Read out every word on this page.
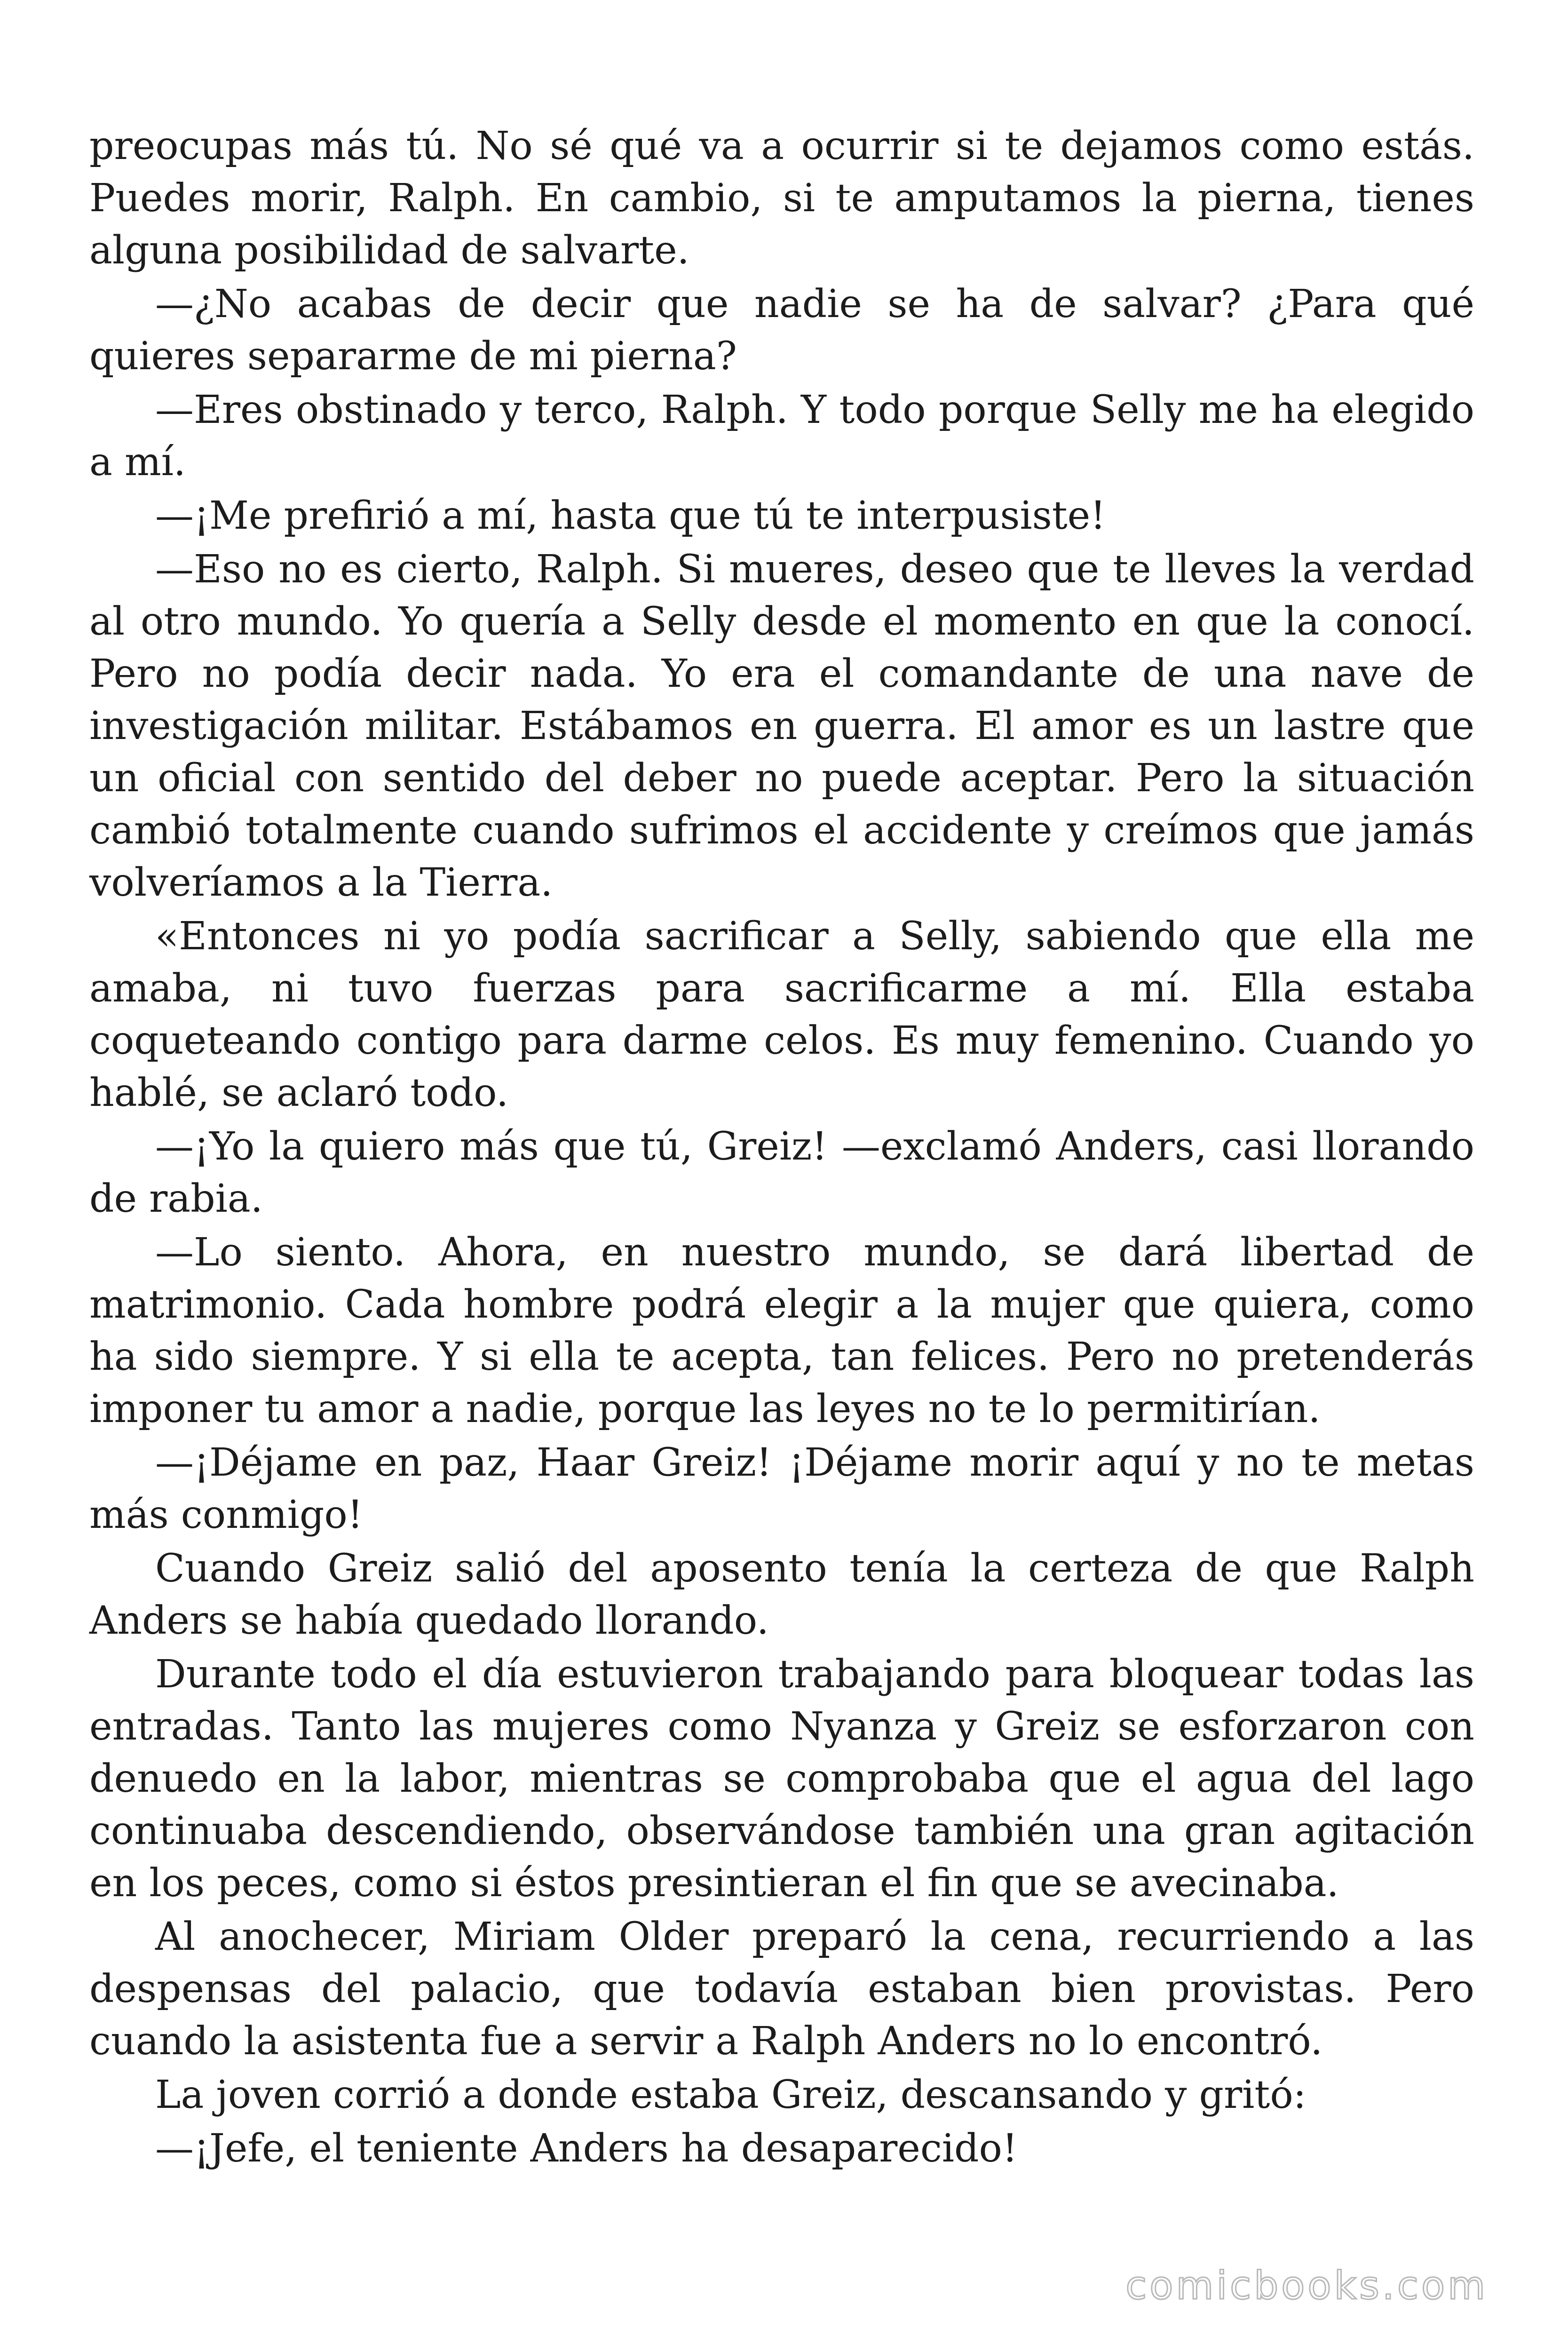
preocupas más tú. No sé qué va a ocurrir si te dejamos como estás. Puedes morir, Ralph. En cambio, si te amputamos la pierna, tienes alguna posibilidad de salvarte.

—¿No acabas de decir que nadie se ha de salvar? ¿Para qué quieres separarme de mi pierna?

—Eres obstinado y terco, Ralph. Y todo porque Selly me ha elegido a mí.

—¡Me prefirió a mí, hasta que tú te interpusiste!

—Eso no es cierto, Ralph. Si mueres, deseo que te lleves la verdad al otro mundo. Yo quería a Selly desde el momento en que la conocí. Pero no podía decir nada. Yo era el comandante de una nave de investigación militar. Estábamos en guerra. El amor es un lastre que un oficial con sentido del deber no puede aceptar. Pero la situación cambió totalmente cuando sufrimos el accidente y creímos que jamás volveríamos a la Tierra.

«Entonces ni yo podía sacrificar a Selly, sabiendo que ella me amaba, ni tuvo fuerzas para sacrificarme a mí. Ella estaba coqueteando contigo para darme celos. Es muy femenino. Cuando yo hablé, se aclaró todo.

—¡Yo la quiero más que tú, Greiz! —exclamó Anders, casi llorando de rabia.

—Lo siento. Ahora, en nuestro mundo, se dará libertad de matrimonio. Cada hombre podrá elegir a la mujer que quiera, como ha sido siempre. Y si ella te acepta, tan felices. Pero no pretenderás imponer tu amor a nadie, porque las leyes no te lo permitirían.

—¡Déjame en paz, Haar Greiz! ¡Déjame morir aquí y no te metas más conmigo!

Cuando Greiz salió del aposento tenía la certeza de que Ralph Anders se había quedado llorando.

Durante todo el día estuvieron trabajando para bloquear todas las entradas. Tanto las mujeres como Nyanza y Greiz se esforzaron con denuedo en la labor, mientras se comprobaba que el agua del lago continuaba descendiendo, observándose también una gran agitación en los peces, como si éstos presintieran el fin que se avecinaba.

Al anochecer, Miriam Older preparó la cena, recurriendo a las despensas del palacio, que todavía estaban bien provistas. Pero cuando la asistenta fue a servir a Ralph Anders no lo encontró.

La joven corrió a donde estaba Greiz, descansando y gritó:

—¡Jefe, el teniente Anders ha desaparecido!

comicbooks.com
